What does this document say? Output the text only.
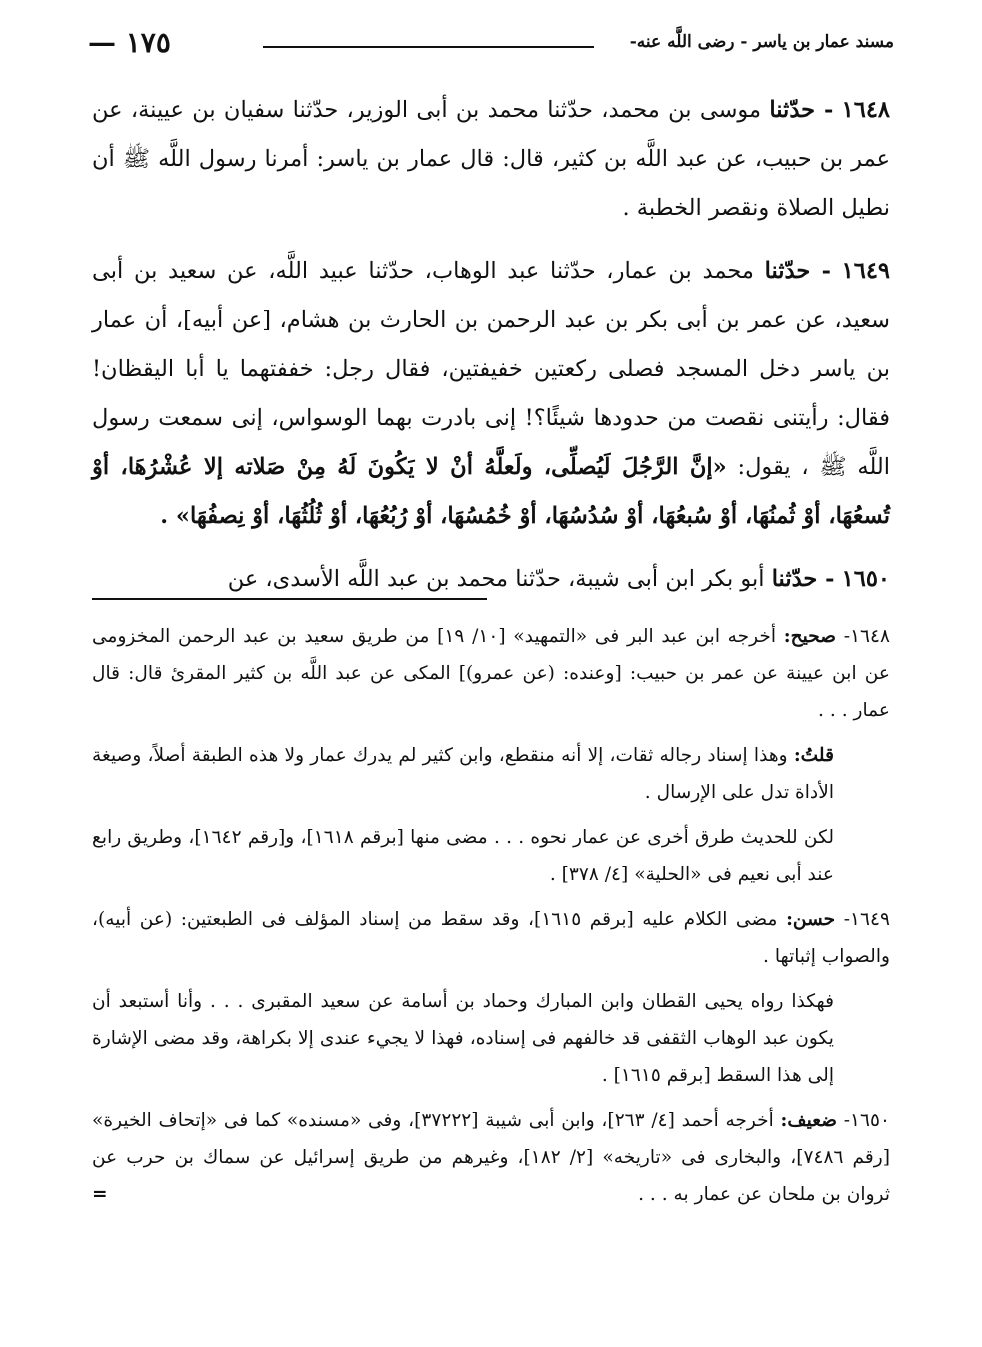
مسند عمار بن ياسر - رضى اللَّه عنه-
— ١٧٥

١٦٤٨ - حدّثنا موسى بن محمد، حدّثنا محمد بن أبى الوزير، حدّثنا سفيان بن عيينة، عن عمر بن حبيب، عن عبد اللَّه بن كثير، قال: قال عمار بن ياسر: أمرنا رسول اللَّه ﷺ أن نطيل الصلاة ونقصر الخطبة .

١٦٤٩ - حدّثنا محمد بن عمار، حدّثنا عبد الوهاب، حدّثنا عبيد اللَّه، عن سعيد بن أبى سعيد، عن عمر بن أبى بكر بن عبد الرحمن بن الحارث بن هشام، [عن أبيه]، أن عمار بن ياسر دخل المسجد فصلى ركعتين خفيفتين، فقال رجل: خففتهما يا أبا اليقظان! فقال: رأيتنى نقصت من حدودها شيئًا؟! إنى بادرت بهما الوسواس، إنى سمعت رسول اللَّه ﷺ ، يقول: «إنَّ الرَّجُلَ لَيُصلِّى، ولَعلَّهُ أنْ لا يَكُونَ لَهُ مِنْ صَلاته إلا عُشْرُهَا، أوْ تُسعُهَا، أوْ ثُمنُهَا، أوْ سُبعُهَا، أوْ سُدُسُهَا، أوْ خُمُسُهَا، أوْ رُبُعُهَا، أوْ ثُلُثُهَا، أوْ نِصفُهَا» .

١٦٥٠ - حدّثنا أبو بكر ابن أبى شيبة، حدّثنا محمد بن عبد اللَّه الأسدى، عن

١٦٤٨- صحيح: أخرجه ابن عبد البر فى «التمهيد» [١٠/ ١٩] من طريق سعيد بن عبد الرحمن المخزومى عن ابن عيينة عن عمر بن حبيب: [وعنده: (عن عمرو)] المكى عن عبد اللَّه بن كثير المقرئ قال: قال عمار . . .

قلتُ: وهذا إسناد رجاله ثقات، إلا أنه منقطع، وابن كثير لم يدرك عمار ولا هذه الطبقة أصلاً، وصيغة الأداة تدل على الإرسال .

لكن للحديث طرق أخرى عن عمار نحوه . . . مضى منها [برقم ١٦١٨]، و[رقم ١٦٤٢]، وطريق رابع عند أبى نعيم فى «الحلية» [٤/ ٣٧٨] .

١٦٤٩- حسن: مضى الكلام عليه [برقم ١٦١٥]، وقد سقط من إسناد المؤلف فى الطبعتين: (عن أبيه)، والصواب إثباتها .

فهكذا رواه يحيى القطان وابن المبارك وحماد بن أسامة عن سعيد المقبرى . . . وأنا أستبعد أن يكون عبد الوهاب الثقفى قد خالفهم فى إسناده، فهذا لا يجيء عندى إلا بكراهة، وقد مضى الإشارة إلى هذا السقط [برقم ١٦١٥] .

١٦٥٠- ضعيف: أخرجه أحمد [٤/ ٢٦٣]، وابن أبى شيبة [٣٧٢٢٢]، وفى «مسنده» كما فى «إتحاف الخيرة» [رقم ٧٤٨٦]، والبخارى فى «تاريخه» [٢/ ١٨٢]، وغيرهم من طريق إسرائيل عن سماك بن حرب عن ثروان بن ملحان عن عمار به . . .
=
